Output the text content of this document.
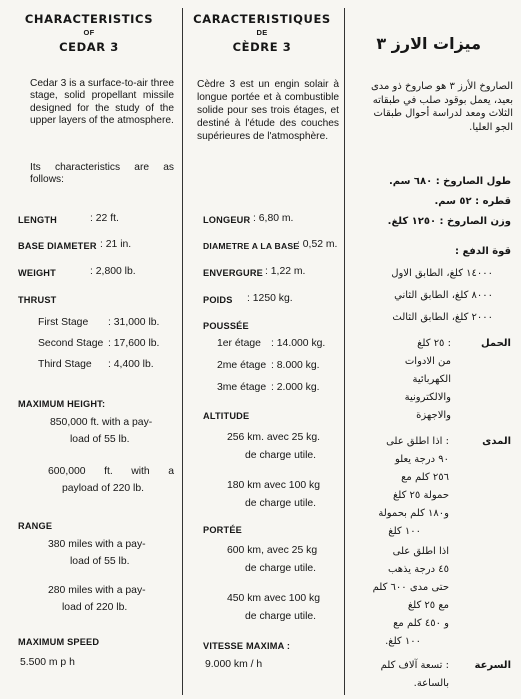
CHARACTERISTICS
OF
CEDAR 3
Cedar 3 is a surface-to-air three stage, solid propellant missile designed for the study of the upper layers of the atmosphere.
Its characteristics are as follows:
LENGTH	: 22 ft.
BASE DIAMETER : 21 in.
WEIGHT	: 2,800 lb.
THRUST
First Stage : 31,000 lb.
Second Stage : 17,600 lb.
Third Stage : 4,400 lb.
MAXIMUM HEIGHT:
850,000 ft. with a pay-
load of 55 lb.
600,000 ft. with a
payload of 220 lb.
RANGE
380 miles with a pay-
load of 55 lb.
280 miles with a pay-
load of 220 lb.
MAXIMUM SPEED
5.500 m p h
CARACTERISTIQUES
DE
CÈDRE 3
Cèdre 3 est un engin solair à longue portée et à combustible solide pour ses trois étages, et destiné à l'étude des couches supérieures de l'atmosphère.
LONGEUR : 6,80 m.
DIAMETRE A LA BASE
: 0,52 m.
ENVERGURE : 1,22 m.
POIDS : 1250 kg.
POUSSÉE
1er étage : 14.000 kg.
2me étage : 8.000 kg.
3me étage : 2.000 kg.
ALTITUDE
256 km. avec 25 kg.
de charge utile.
180 km avec 100 kg
de charge utile.
PORTÉE
600 km, avec 25 kg
de charge utile.
450 km avec 100 kg
de charge utile.
VITESSE MAXIMA :
9.000 km / h
ميزات الارز ٣
الصاروخ الأرز ٣ هو صاروخ ذو مدى بعيد، يعمل بوقود صلب في طبقاته الثلاث ومعد لدراسة أحوال طبقات الجو العليا.
طول الصاروخ : ٦٨٠ سم.
قطره : ٥٢ سم.
وزن الصاروخ : ١٢٥٠ كلغ.
قوة الدفع :
١٤٠٠٠ كلغ، الطابق الاول
٨٠٠٠ كلغ، الطابق الثاني
٢٠٠٠ كلغ، الطابق الثالث
الحمل
: ٢٥ كلغ
من الادوات
الكهربائية
والالكترونية
والاجهزة
المدى
: اذا اطلق على
٩٠ درجة يعلو
٢٥٦ كلم مع
حمولة ٢٥ كلغ
و١٨٠ كلم بحمولة
١٠٠ كلغ
اذا اطلق على
٤٥ درجة يذهب
حتى مدى ٦٠٠ كلم
مع ٢٥ كلغ
و ٤٥٠ كلم مع
١٠٠ كلغ.
السرعة
: تسعة آلاف كلم
بالساعة.
